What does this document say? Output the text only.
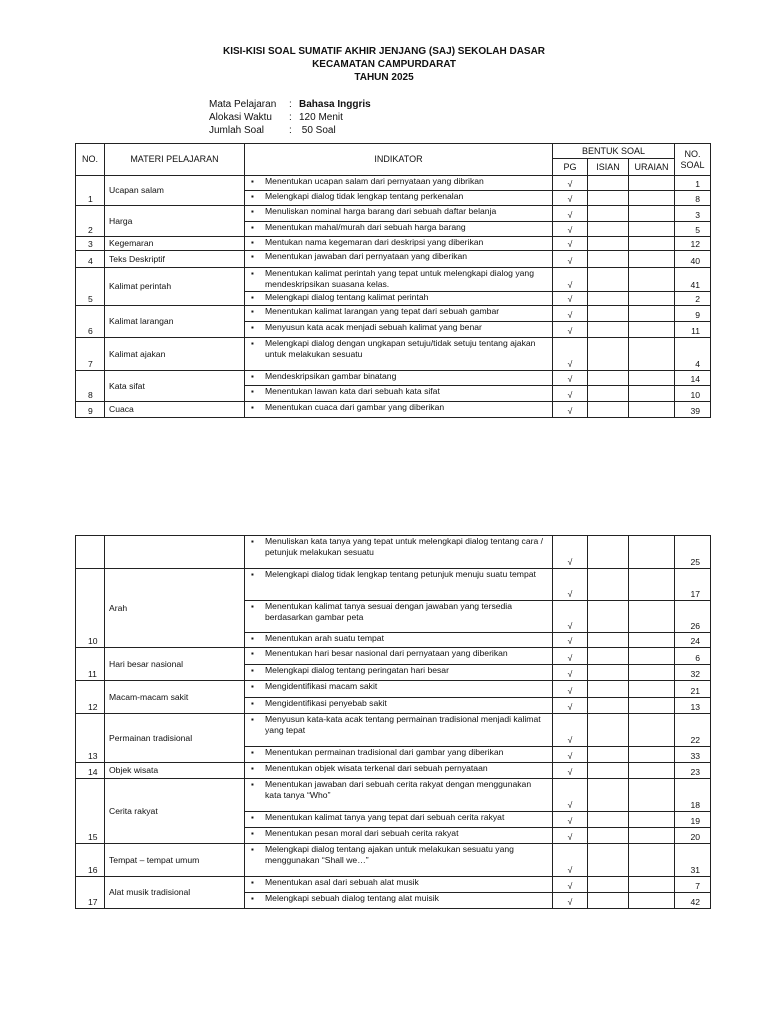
KISI-KISI SOAL SUMATIF AKHIR JENJANG (SAJ) SEKOLAH DASAR
KECAMATAN CAMPURDARAT
TAHUN 2025
Mata Pelajaran : Bahasa Inggris
Alokasi Waktu : 120 Menit
Jumlah Soal : 50 Soal
NO.	MATERI PELAJARAN	INDIKATOR	BENTUK SOAL			NO.
SOAL
			PG	ISIAN	URAIAN	
1	Ucapan salam	▪ Menentukan ucapan salam dari pernyataan yang dibrikan	√			1
		▪ Melengkapi dialog tidak lengkap tentang perkenalan	√			8
2	Harga	▪ Menuliskan nominal harga barang dari sebuah daftar belanja	√			3
		▪ Menentukan mahal/murah dari sebuah harga barang	√			5
3	Kegemaran	▪ Mentukan nama kegemaran dari deskripsi yang diberikan	√			12
4	Teks Deskriptif	▪ Menentukan jawaban dari pernyataan yang diberikan	√			40
5	Kalimat perintah	▪ Menentukan kalimat perintah yang tepat untuk melengkapi dialog yang mendeskripsikan suasana kelas.	√			41
		▪ Melengkapi dialog tentang kalimat perintah	√			2
6	Kalimat larangan	▪ Menentukan kalimat larangan yang tepat dari sebuah gambar	√			9
		▪ Menyusun kata acak menjadi sebuah kalimat yang benar	√			11
7	Kalimat ajakan	▪ Melengkapi dialog dengan ungkapan setuju/tidak setuju tentang ajakan untuk melakukan sesuatu	√			4
8	Kata sifat	▪ Mendeskripsikan gambar binatang	√			14
		▪ Menentukan lawan kata dari sebuah kata sifat	√			10
9	Cuaca	▪ Menentukan cuaca dari gambar yang diberikan	√			39
		▪ Menuliskan kata tanya yang tepat untuk melengkapi dialog tentang cara / petunjuk melakukan sesuatu	√			25
10	Arah	▪ Melengkapi dialog tidak lengkap tentang petunjuk menuju suatu tempat	√			17
		▪ Menentukan kalimat tanya sesuai dengan jawaban yang tersedia berdasarkan gambar peta	√			26
		▪ Menentukan arah suatu tempat	√			24
11	Hari besar nasional	▪ Menentukan hari besar nasional dari pernyataan yang diberikan	√			6
		▪ Melengkapi dialog tentang peringatan hari besar	√			32
12	Macam-macam sakit	▪ Mengidentifikasi macam sakit	√			21
		▪ Mengidentifikasi penyebab sakit	√			13
13	Permainan tradisional	▪ Menyusun kata-kata acak tentang permainan tradisional menjadi kalimat yang tepat	√			22
		▪ Menentukan permainan tradisional dari gambar yang diberikan	√			33
14	Objek wisata	▪ Menentukan objek wisata terkenal dari sebuah pernyataan	√			23
15	Cerita rakyat	▪ Menentukan jawaban dari sebuah cerita rakyat dengan menggunakan kata tanya “Who”	√			18
		▪ Menentukan kalimat tanya yang tepat dari sebuah cerita rakyat	√			19
		▪ Menentukan pesan moral dari sebuah cerita rakyat	√			20
16	Tempat – tempat umum	▪ Melengkapi dialog tentang ajakan untuk melakukan sesuatu yang menggunakan “Shall we…”	√			31
17	Alat musik tradisional	▪ Menentukan asal dari sebuah alat musik	√			7
		▪ Melengkapi sebuah dialog tentang alat muisik	√			42
